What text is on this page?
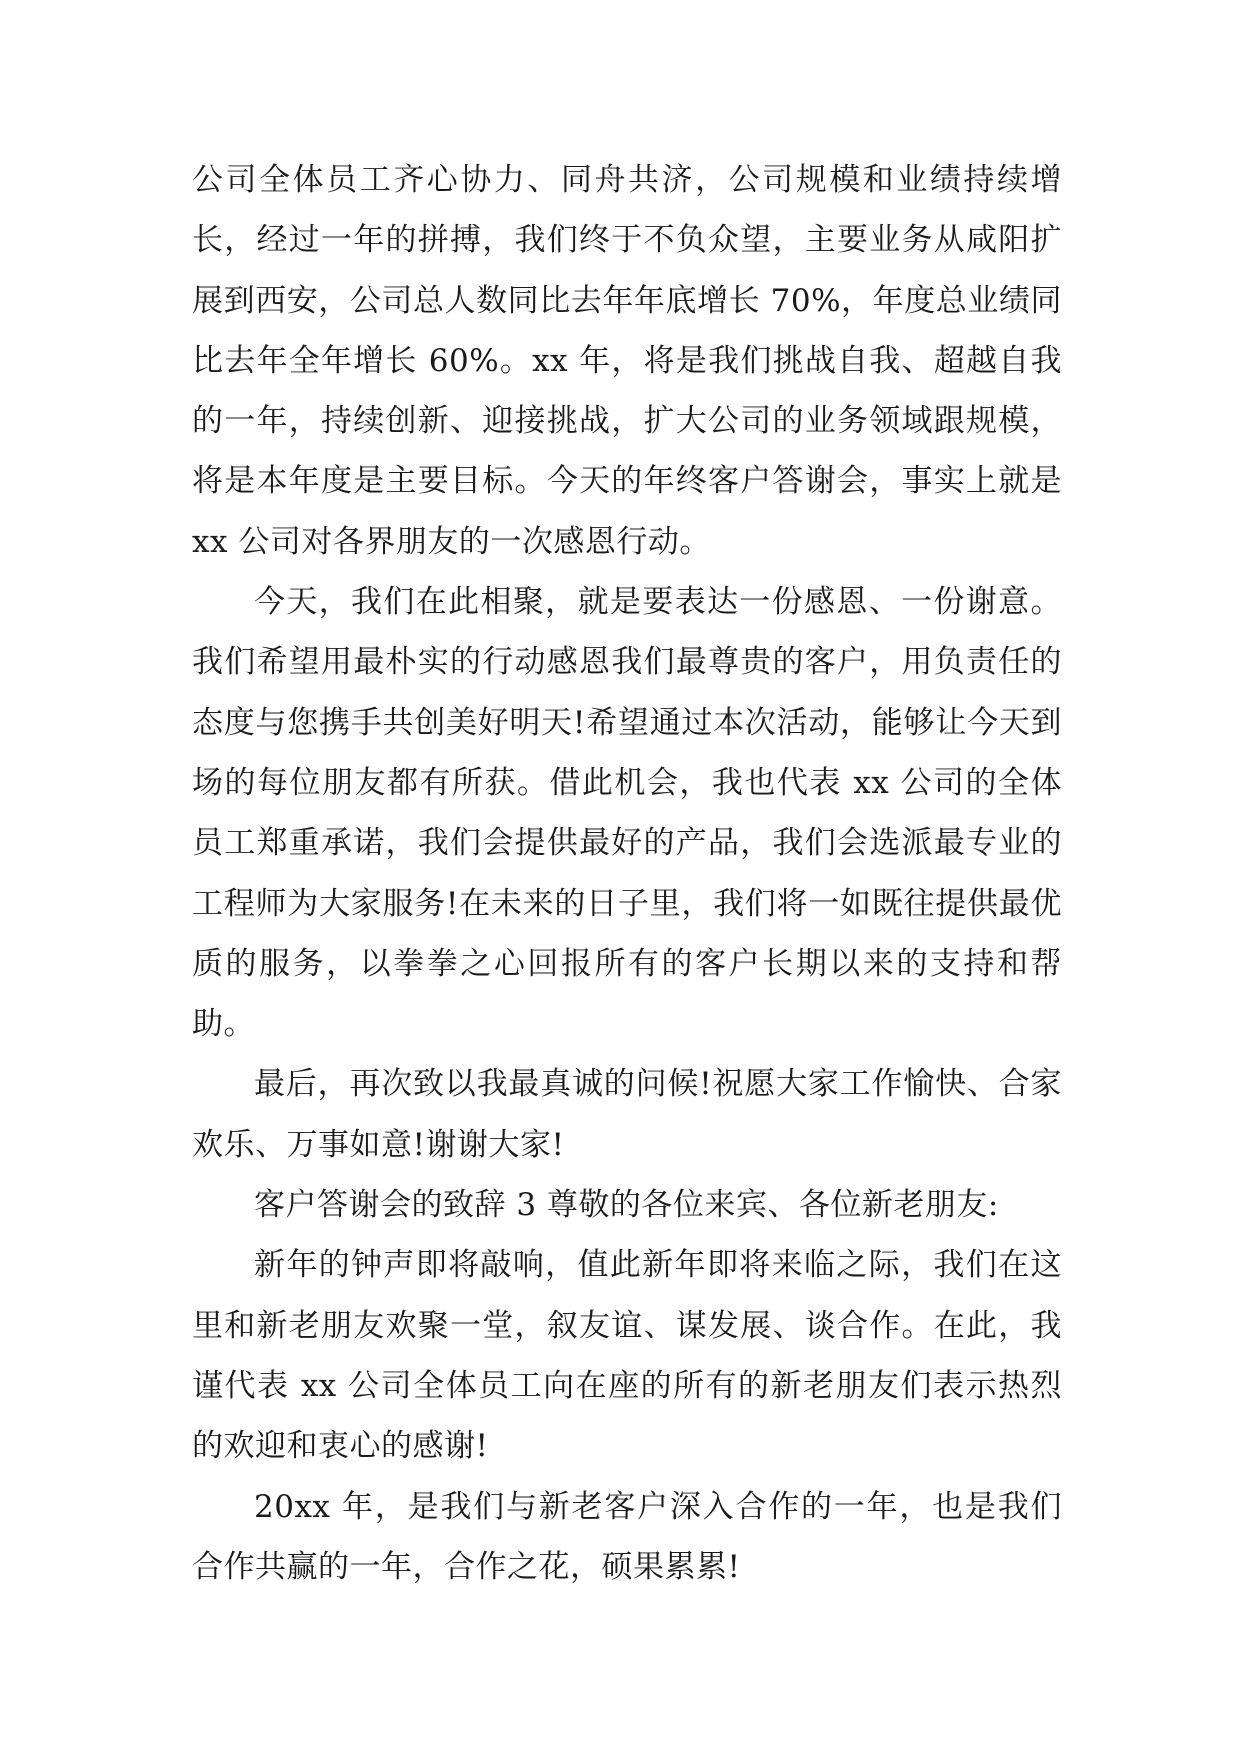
公司全体员工齐心协力、同舟共济，公司规模和业绩持续增长，经过一年的拼搏，我们终于不负众望，主要业务从咸阳扩展到西安，公司总人数同比去年年底增长 70%，年度总业绩同比去年全年增长 60%。xx 年，将是我们挑战自我、超越自我的一年，持续创新、迎接挑战，扩大公司的业务领域跟规模，将是本年度是主要目标。今天的年终客户答谢会，事实上就是 xx 公司对各界朋友的一次感恩行动。

今天，我们在此相聚，就是要表达一份感恩、一份谢意。我们希望用最朴实的行动感恩我们最尊贵的客户，用负责任的态度与您携手共创美好明天!希望通过本次活动，能够让今天到场的每位朋友都有所获。借此机会，我也代表 xx 公司的全体员工郑重承诺，我们会提供最好的产品，我们会选派最专业的工程师为大家服务!在未来的日子里，我们将一如既往提供最优质的服务，以拳拳之心回报所有的客户长期以来的支持和帮助。

最后，再次致以我最真诚的问候!祝愿大家工作愉快、合家欢乐、万事如意!谢谢大家!

客户答谢会的致辞 3 尊敬的各位来宾、各位新老朋友:

新年的钟声即将敲响，值此新年即将来临之际，我们在这里和新老朋友欢聚一堂，叙友谊、谋发展、谈合作。在此，我谨代表 xx 公司全体员工向在座的所有的新老朋友们表示热烈的欢迎和衷心的感谢!

20xx 年，是我们与新老客户深入合作的一年，也是我们合作共赢的一年，合作之花，硕果累累!
